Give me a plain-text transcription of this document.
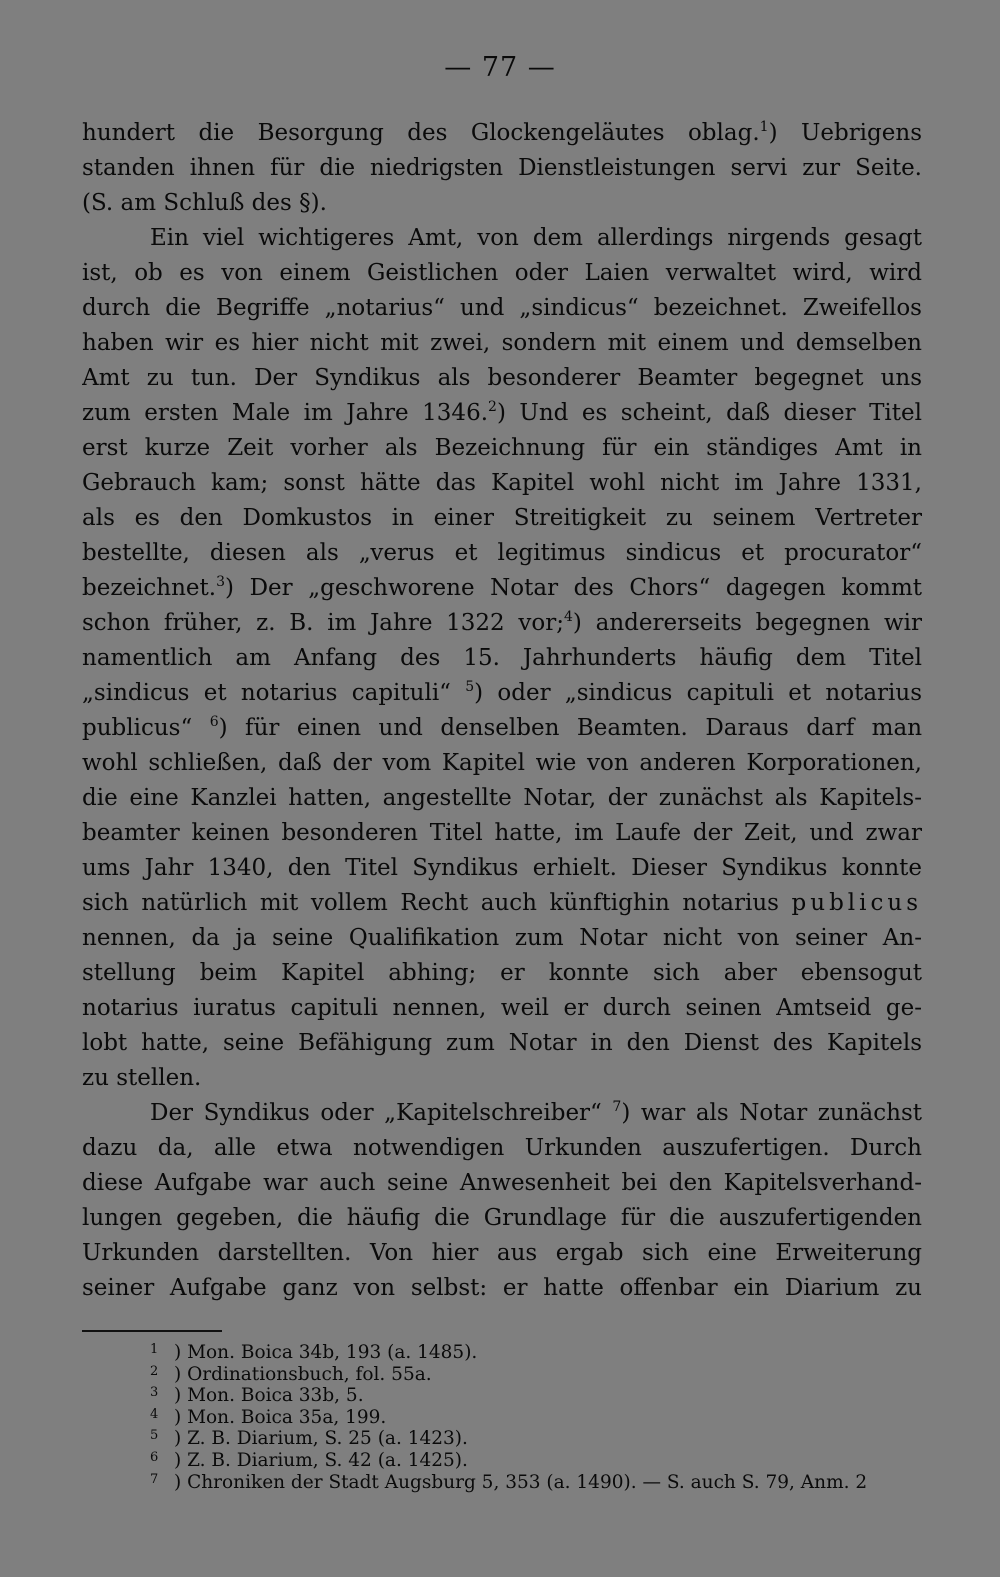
— 77 —
hundert die Besorgung des Glockengeläutes oblag.$^1$) Uebrigens
standen ihnen für die niedrigsten Dienstleistungen servi zur Seite.
(S. am Schluß des §).
Ein viel wichtigeres Amt, von dem allerdings nirgends gesagt
ist, ob es von einem Geistlichen oder Laien verwaltet wird, wird
durch die Begriffe „notarius“ und „sindicus“ bezeichnet. Zweifellos
haben wir es hier nicht mit zwei, sondern mit einem und demselben
Amt zu tun. Der Syndikus als besonderer Beamter begegnet uns
zum ersten Male im Jahre 1346.$^2$) Und es scheint, daß dieser Titel
erst kurze Zeit vorher als Bezeichnung für ein ständiges Amt in
Gebrauch kam; sonst hätte das Kapitel wohl nicht im Jahre 1331,
als es den Domkustos in einer Streitigkeit zu seinem Vertreter
bestellte, diesen als „verus et legitimus sindicus et procurator“
bezeichnet.$^3$) Der „geschworene Notar des Chors“ dagegen kommt
schon früher, z. B. im Jahre 1322 vor;$^4$) andererseits begegnen wir
namentlich am Anfang des 15. Jahrhunderts häufig dem Titel
„sindicus et notarius capituli“ $^5$) oder „sindicus capituli et notarius
publicus“ $^6$) für einen und denselben Beamten. Daraus darf man
wohl schließen, daß der vom Kapitel wie von anderen Korporationen,
die eine Kanzlei hatten, angestellte Notar, der zunächst als Kapitels-
beamter keinen besonderen Titel hatte, im Laufe der Zeit, und zwar
ums Jahr 1340, den Titel Syndikus erhielt. Dieser Syndikus konnte
sich natürlich mit vollem Recht auch künftighin notarius publicus
nennen, da ja seine Qualifikation zum Notar nicht von seiner An-
stellung beim Kapitel abhing; er konnte sich aber ebensogut
notarius iuratus capituli nennen, weil er durch seinen Amtseid ge-
lobt hatte, seine Befähigung zum Notar in den Dienst des Kapitels
zu stellen.
Der Syndikus oder „Kapitelschreiber“ $^7$) war als Notar zunächst
dazu da, alle etwa notwendigen Urkunden auszufertigen. Durch
diese Aufgabe war auch seine Anwesenheit bei den Kapitelsverhand-
lungen gegeben, die häufig die Grundlage für die auszufertigenden
Urkunden darstellten. Von hier aus ergab sich eine Erweiterung
seiner Aufgabe ganz von selbst: er hatte offenbar ein Diarium zu
1 ) Mon. Boica 34b, 193 (a. 1485).
2 ) Ordinationsbuch, fol. 55a.
3 ) Mon. Boica 33b, 5.
4 ) Mon. Boica 35a, 199.
5 ) Z. B. Diarium, S. 25 (a. 1423).
6 ) Z. B. Diarium, S. 42 (a. 1425).
7 ) Chroniken der Stadt Augsburg 5, 353 (a. 1490). — S. auch S. 79, Anm. 2
